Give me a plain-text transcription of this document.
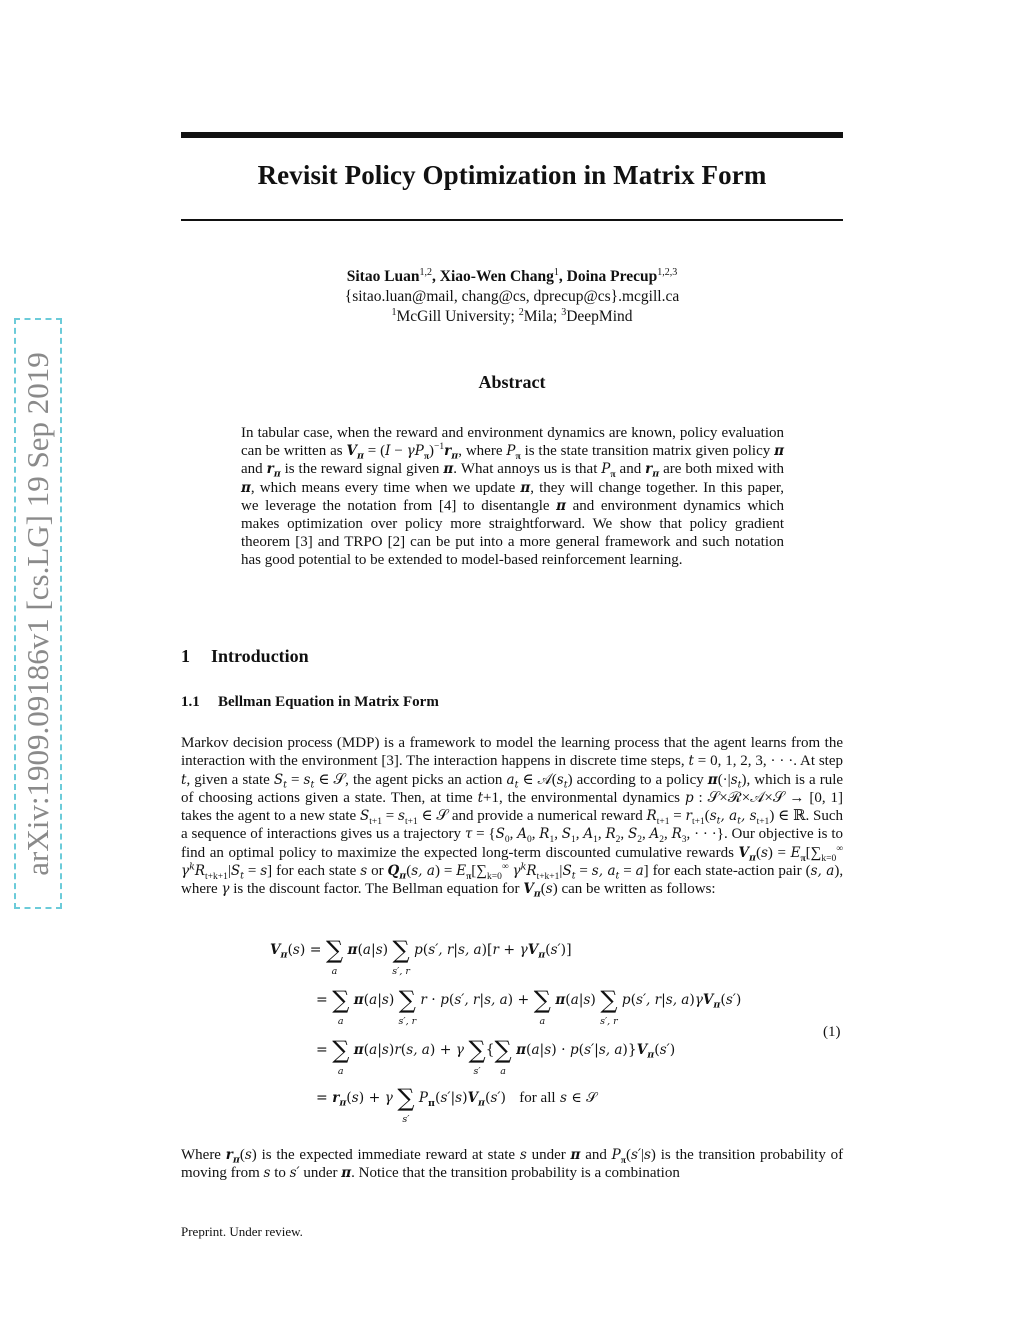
arXiv:1909.09186v1 [cs.LG] 19 Sep 2019
Revisit Policy Optimization in Matrix Form
Sitao Luan$^{1,2}$, Xiao-Wen Chang$^1$, Doina Precup$^{1,2,3}$
{sitao.luan@mail, chang@cs, dprecup@cs}.mcgill.ca
$^1$McGill University; $^2$Mila; $^3$DeepMind
Abstract
In tabular case, when the reward and environment dynamics are known, policy evaluation can be written as $V_\pi = (I - \gamma P_\pi)^{-1}r_\pi$, where $P_\pi$ is the state transition matrix given policy π and $r_\pi$ is the reward signal given π. What annoys us is that $P_\pi$ and $r_\pi$ are both mixed with π, which means every time when we update π, they will change together. In this paper, we leverage the notation from [4] to disentangle π and environment dynamics which makes optimization over policy more straightforward. We show that policy gradient theorem [3] and TRPO [2] can be put into a more general framework and such notation has good potential to be extended to model-based reinforcement learning.
1 Introduction
1.1 Bellman Equation in Matrix Form
Markov decision process (MDP) is a framework to model the learning process that the agent learns from the interaction with the environment [3]. The interaction happens in discrete time steps, t = 0, 1, 2, 3, · · ·. At step t, given a state $S_t = s_t$ ∈ 𝒮, the agent picks an action $a_t$ ∈ $𝒜(s_t)$ according to a policy $\pi(\cdot|s_t)$, which is a rule of choosing actions given a state. Then, at time t+1, the environmental dynamics p : 𝒮×ℛ×𝒜×𝒮 → [0, 1] takes the agent to a new state $S_{t+1} = s_{t+1}$ ∈ 𝒮 and provide a numerical reward $R_{t+1} = r_{t+1}(s_t$, $a_t$, $s_{t+1}$) ∈ ℝ. Such a sequence of interactions gives us a trajectory $\tau = \{S_0$, $A_0$, $R_1$, $S_1$, $A_1$, $R_2$, $S_2$, $A_2$, $R_3$, · · ·}. Our objective is to find an optimal policy to maximize the expected long-term discounted cumulative rewards $V_\pi(s) = E_\pi[\sum_{k=0}^\infty$ $\gamma^kR_{t+k+1}|S_t = s$] for each state s or $Q_\pi(s$, $a) = E_\pi[\sum_{k=0}^\infty$ $\gamma^kR_{t+k+1}|S_t = s$, $a_t = a$] for each state-action pair (s, a), where γ is the discount factor. The Bellman equation for $V_\pi(s)$ can be written as follows:
$V_\pi(s)$ = ∑
a
π(a|s) ∑
s′, r
p(s′, r|s, $a)[r + \gamma V_\pi(s')]$
= ∑
a
π(a|s) ∑
s′, r
r · p(s′, r|s, a) + ∑
a
π(a|s) ∑
s′, r
p(s′, r|s, $a)\gamma V_\pi(s')$
= ∑
a
π(a|s)r(s, a) + γ ∑
s′
{∑
a
π(a|s) · p(s′|s, $a)\}V_\pi(s')$
= $r_\pi(s) + \gamma$ ∑
s′
$P_\pi(s'|s)V_\pi(s')$   for all s ∈ 𝒮
(1)
Where $r_\pi(s)$ is the expected immediate reward at state s under π and $P_\pi(s'|s)$ is the transition probability of moving from s to s′ under π. Notice that the transition probability is a combination
Preprint. Under review.
